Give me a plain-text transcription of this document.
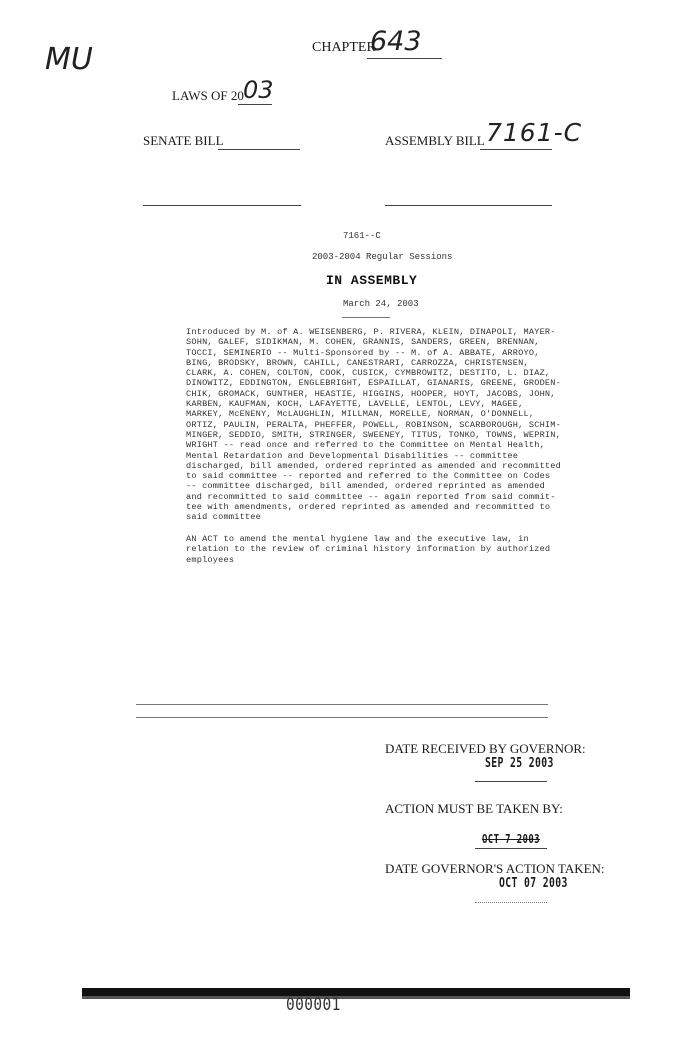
MU	CHAPTER
643
LAWS OF 20 03
SENATE BILL	ASSEMBLY BILL 7161-C
7161--C
2003-2004 Regular Sessions
IN ASSEMBLY
March 24, 2003
Introduced by M. of A. WEISENBERG, P. RIVERA, KLEIN, DINAPOLI, MAYER-
SOHN, GALEF, SIDIKMAN, M. COHEN, GRANNIS, SANDERS, GREEN, BRENNAN,
TOCCI, SEMINERIO -- Multi-Sponsored by -- M. of A. ABBATE, ARROYO,
BING, BRODSKY, BROWN, CAHILL, CANESTRARI, CARROZZA, CHRISTENSEN,
CLARK, A. COHEN, COLTON, COOK, CUSICK, CYMBROWITZ, DESTITO, L. DIAZ,
DINOWITZ, EDDINGTON, ENGLEBRIGHT, ESPAILLAT, GIANARIS, GREENE, GRODEN-
CHIK, GROMACK, GUNTHER, HEASTIE, HIGGINS, HOOPER, HOYT, JACOBS, JOHN,
KARBEN, KAUFMAN, KOCH, LAFAYETTE, LAVELLE, LENTOL, LEVY, MAGEE,
MARKEY, McENENY, McLAUGHLIN, MILLMAN, MORELLE, NORMAN, O'DONNELL,
ORTIZ, PAULIN, PERALTA, PHEFFER, POWELL, ROBINSON, SCARBOROUGH, SCHIM-
MINGER, SEDDIO, SMITH, STRINGER, SWEENEY, TITUS, TONKO, TOWNS, WEPRIN,
WRIGHT -- read once and referred to the Committee on Mental Health,
Mental Retardation and Developmental Disabilities -- committee
discharged, bill amended, ordered reprinted as amended and recommitted
to said committee -- reported and referred to the Committee on Codes
-- committee discharged, bill amended, ordered reprinted as amended
and recommitted to said committee -- again reported from said commit-
tee with amendments, ordered reprinted as amended and recommitted to
said committee
AN ACT to amend the mental hygiene law and the executive law, in
relation to the review of criminal history information by authorized
employees
DATE RECEIVED BY GOVERNOR:
SEP 25 2003
ACTION MUST BE TAKEN BY:
OCT 7 2003
DATE GOVERNOR'S ACTION TAKEN:
OCT 07 2003
000001
